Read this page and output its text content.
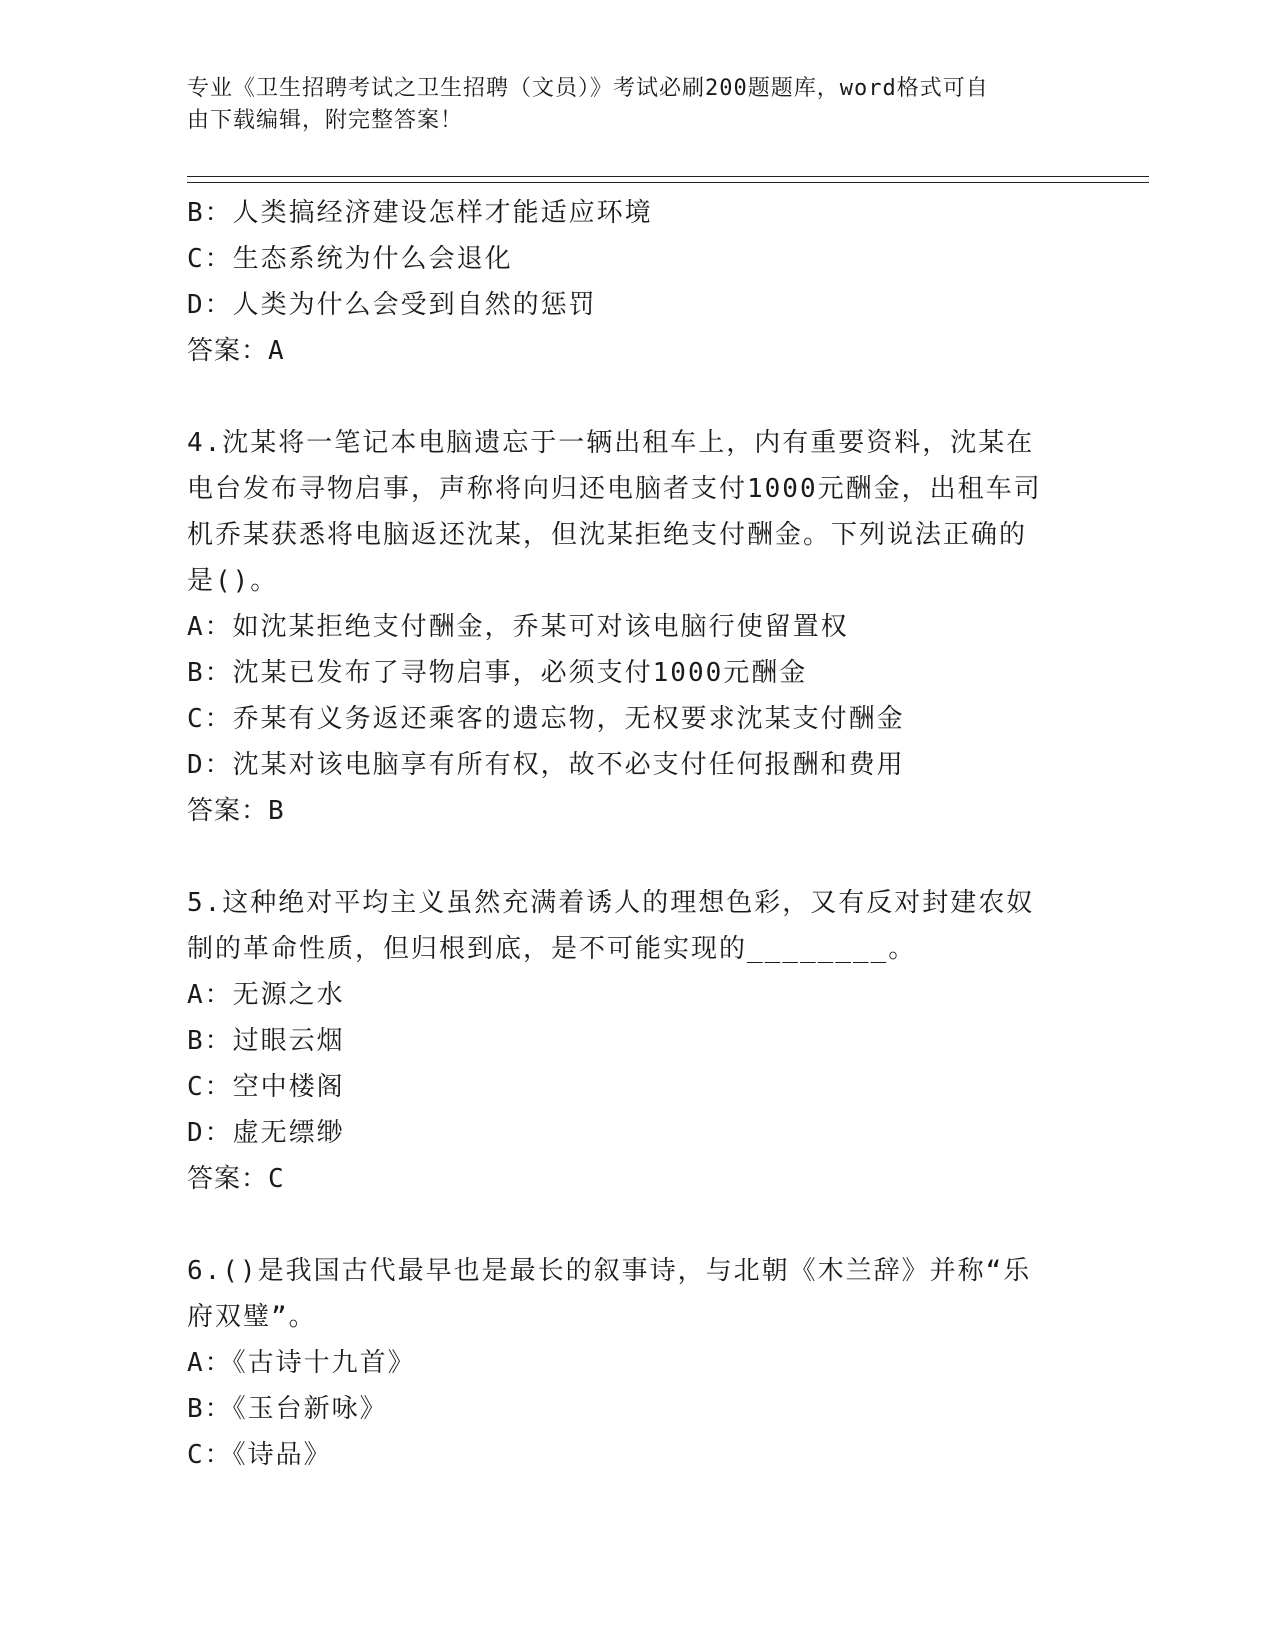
专业《卫生招聘考试之卫生招聘（文员）》考试必刷200题题库，word格式可自
由下载编辑，附完整答案！
B：人类搞经济建设怎样才能适应环境
C：生态系统为什么会退化
D：人类为什么会受到自然的惩罚
答案：A
4.沈某将一笔记本电脑遗忘于一辆出租车上，内有重要资料，沈某在
电台发布寻物启事，声称将向归还电脑者支付1000元酬金，出租车司
机乔某获悉将电脑返还沈某，但沈某拒绝支付酬金。下列说法正确的
是()。
A：如沈某拒绝支付酬金，乔某可对该电脑行使留置权
B：沈某已发布了寻物启事，必须支付1000元酬金
C：乔某有义务返还乘客的遗忘物，无权要求沈某支付酬金
D：沈某对该电脑享有所有权，故不必支付任何报酬和费用
答案：B
5.这种绝对平均主义虽然充满着诱人的理想色彩，又有反对封建农奴
制的革命性质，但归根到底，是不可能实现的________。
A：无源之水
B：过眼云烟
C：空中楼阁
D：虚无缥缈
答案：C
6.()是我国古代最早也是最长的叙事诗，与北朝《木兰辞》并称“乐
府双璧”。
A：《古诗十九首》
B：《玉台新咏》
C：《诗品》
